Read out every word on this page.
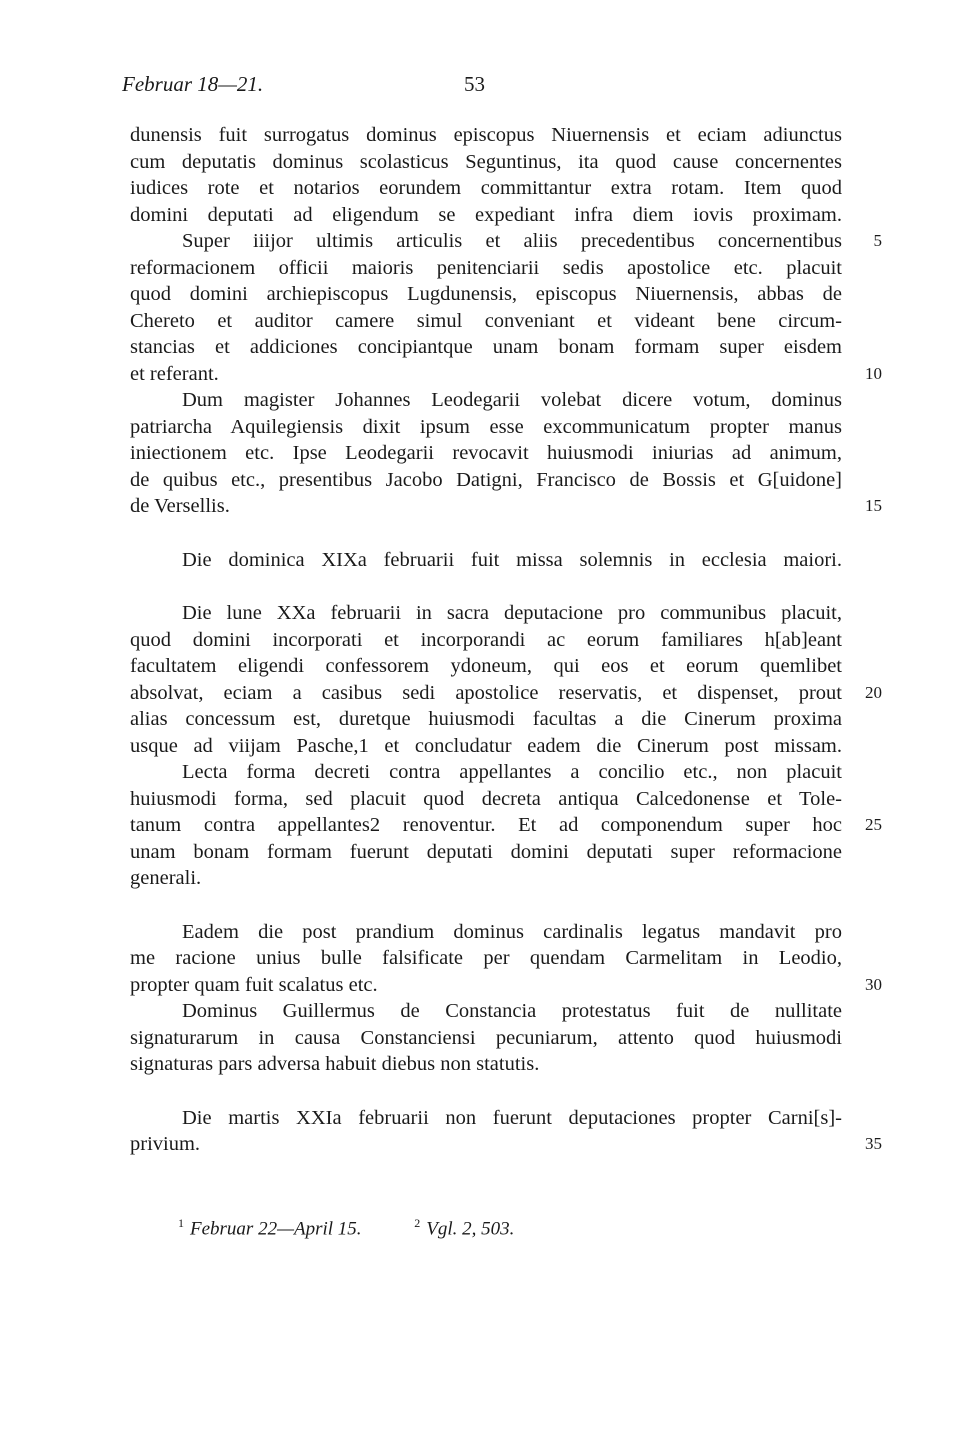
Februar 18—21.	53
dunensis fuit surrogatus dominus episcopus Niuernensis et eciam adiunctus
cum deputatis dominus scolasticus Seguntinus, ita quod cause concernentes
iudices rote et notarios eorundem committantur extra rotam. Item quod
domini deputati ad eligendum se expediant infra diem iovis proximam.
Super iiijor ultimis articulis et aliis precedentibus concernentibus	5
reformacionem officii maioris penitenciarii sedis apostolice etc. placuit
quod domini archiepiscopus Lugdunensis, episcopus Niuernensis, abbas de
Chereto et auditor camere simul conveniant et videant bene circum-
stancias et addiciones concipiantque unam bonam formam super eisdem
et referant.	10
Dum magister Johannes Leodegarii volebat dicere votum, dominus
patriarcha Aquilegiensis dixit ipsum esse excommunicatum propter manus
iniectionem etc. Ipse Leodegarii revocavit huiusmodi iniurias ad animum,
de quibus etc., presentibus Jacobo Datigni, Francisco de Bossis et G[uidone]
de Versellis.	15
Die dominica XIXa februarii fuit missa solemnis in ecclesia maiori.
Die lune XXa februarii in sacra deputacione pro communibus placuit,
quod domini incorporati et incorporandi ac eorum familiares h[ab]eant
facultatem eligendi confessorem ydoneum, qui eos et eorum quemlibet
absolvat, eciam a casibus sedi apostolice reservatis, et dispenset, prout	20
alias concessum est, duretque huiusmodi facultas a die Cinerum proxima
usque ad viijam Pasche,1 et concludatur eadem die Cinerum post missam.
Lecta forma decreti contra appellantes a concilio etc., non placuit
huiusmodi forma, sed placuit quod decreta antiqua Calcedonense et Tole-
tanum contra appellantes2 renoventur. Et ad componendum super hoc	25
unam bonam formam fuerunt deputati domini deputati super reformacione
generali.
Eadem die post prandium dominus cardinalis legatus mandavit pro
me racione unius bulle falsificate per quendam Carmelitam in Leodio,
propter quam fuit scalatus etc.	30
Dominus Guillermus de Constancia protestatus fuit de nullitate
signaturarum in causa Constanciensi pecuniarum, attento quod huiusmodi
signaturas pars adversa habuit diebus non statutis.
Die martis XXIa februarii non fuerunt deputaciones propter Carni[s]-
privium.	35
$^1$ Februar 22—April 15.	$^2$ Vgl. 2, 503.
